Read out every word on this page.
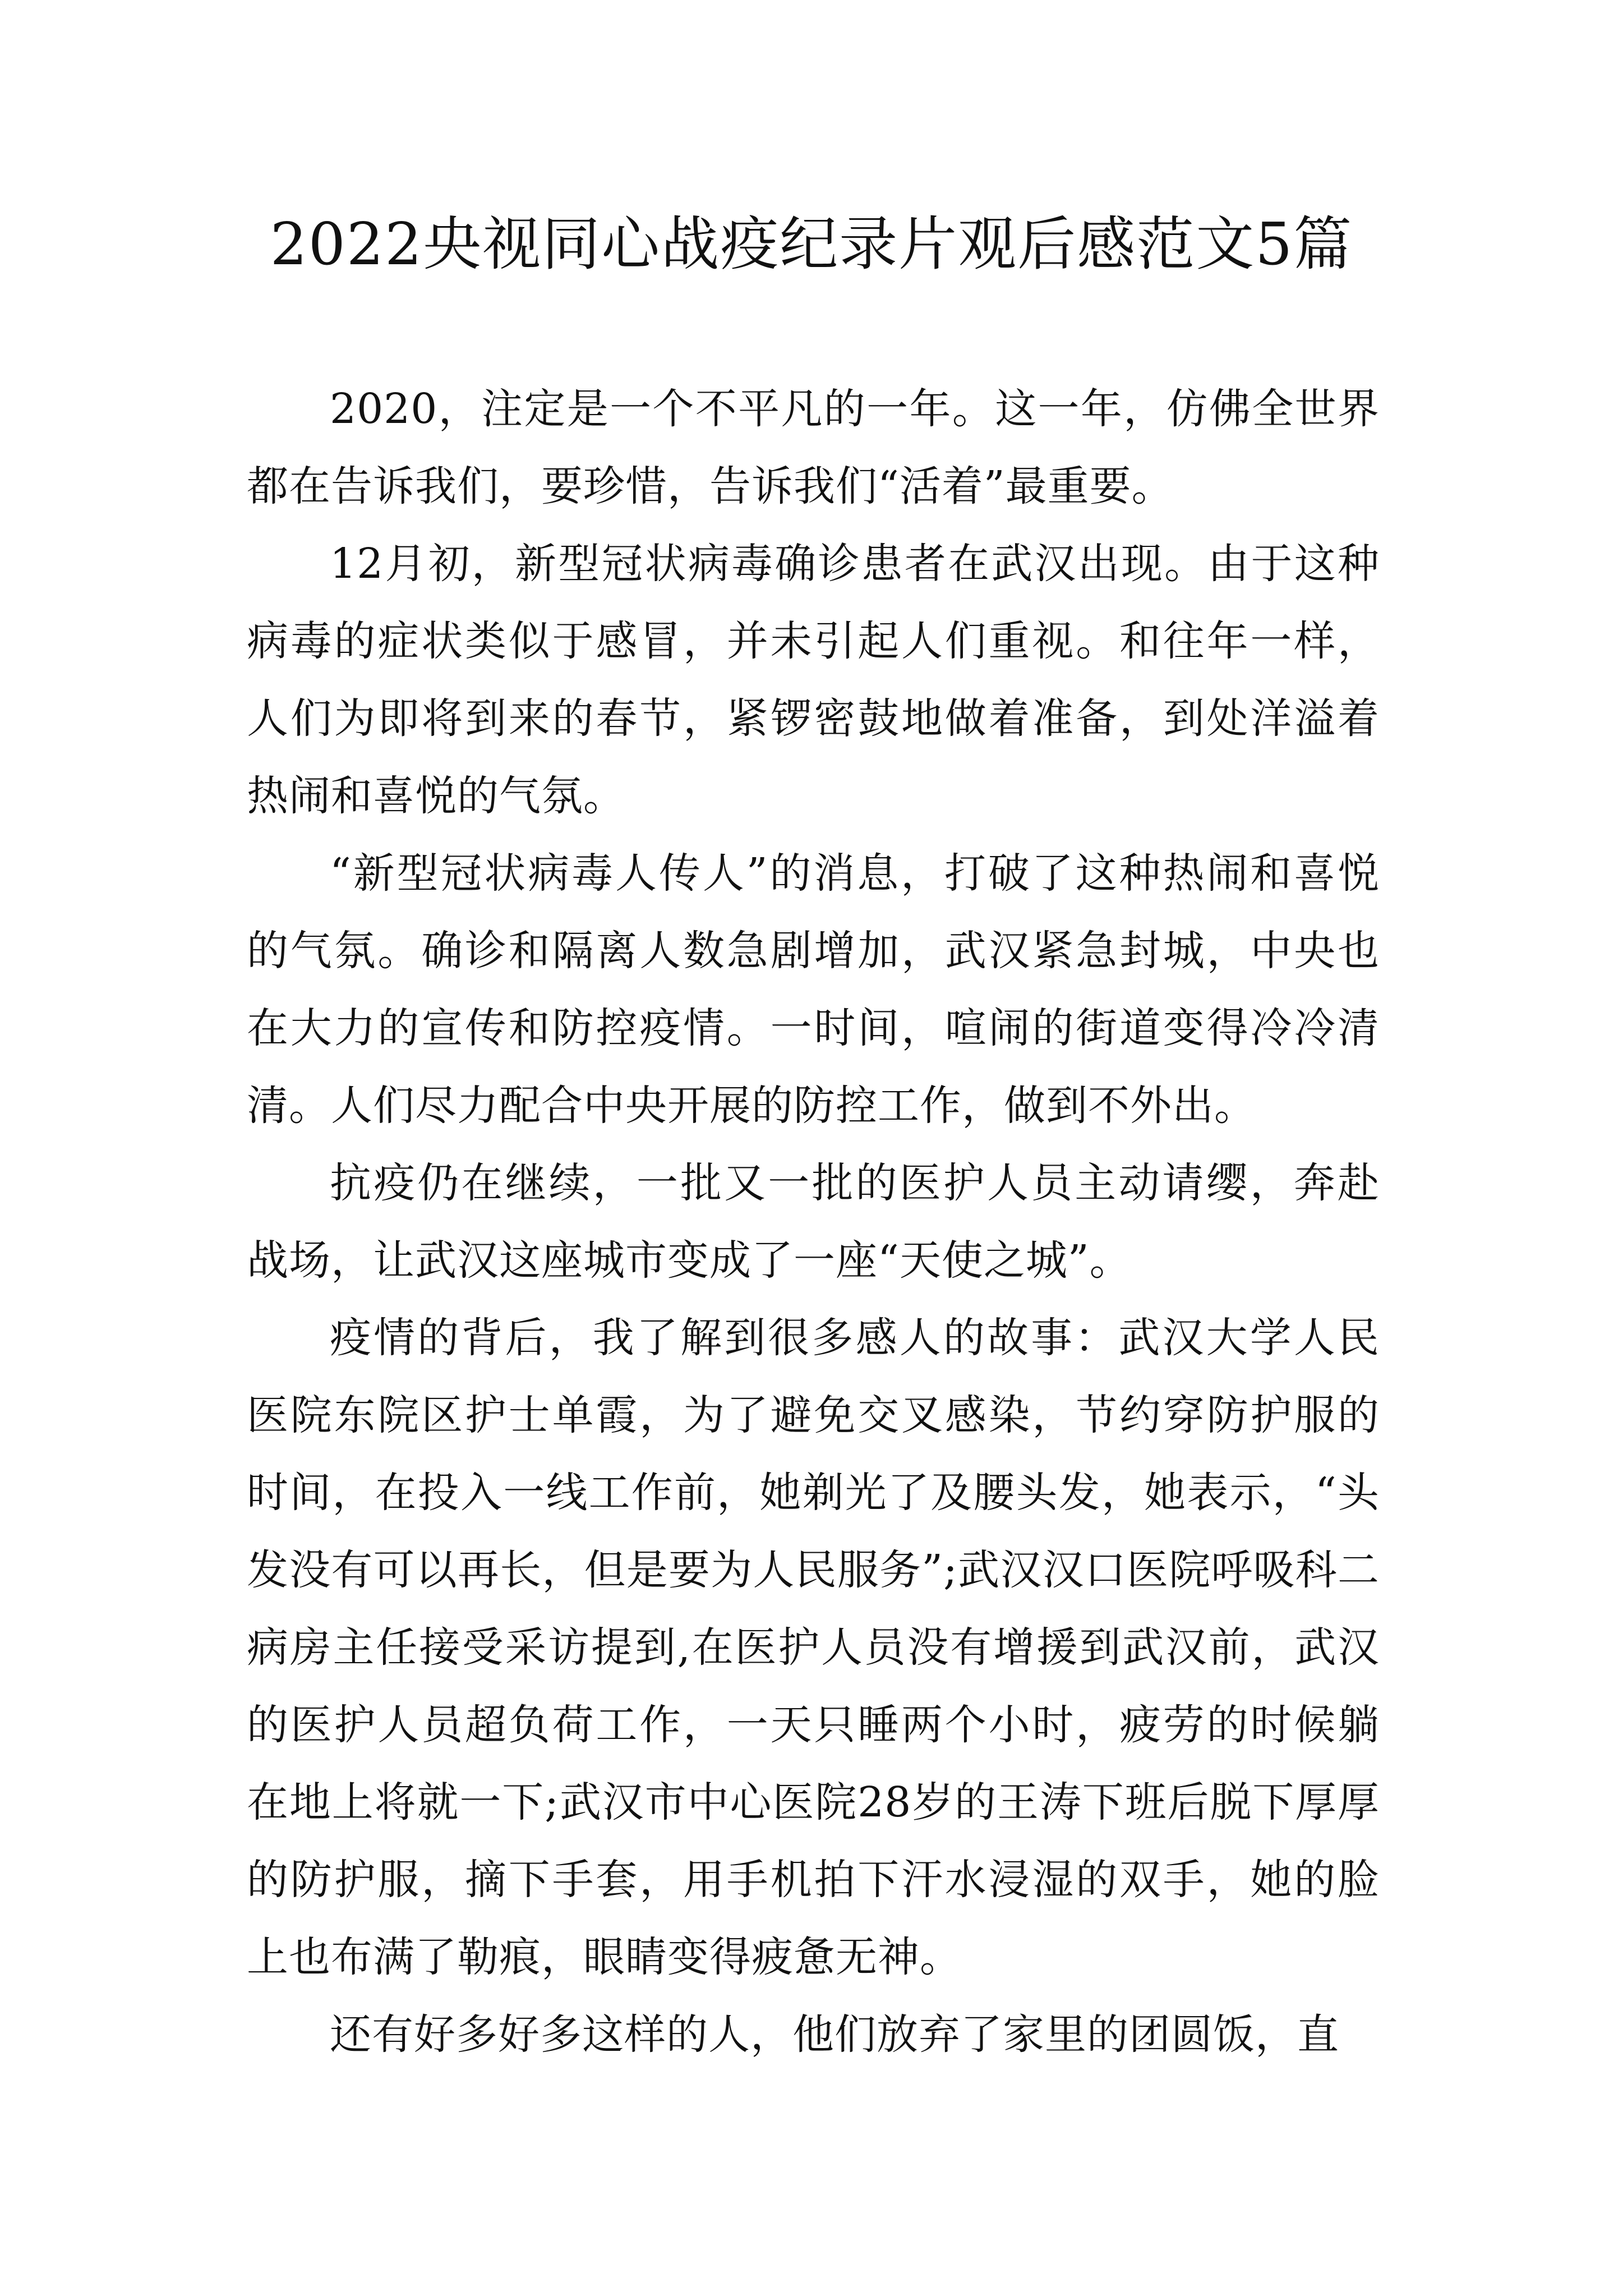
2022央视同心战疫纪录片观后感范文5篇

2020，注定是一个不平凡的一年。这一年，仿佛全世界都在告诉我们，要珍惜，告诉我们“活着”最重要。

12月初，新型冠状病毒确诊患者在武汉出现。由于这种病毒的症状类似于感冒，并未引起人们重视。和往年一样，人们为即将到来的春节，紧锣密鼓地做着准备，到处洋溢着热闹和喜悦的气氛。

“新型冠状病毒人传人”的消息，打破了这种热闹和喜悦的气氛。确诊和隔离人数急剧增加，武汉紧急封城，中央也在大力的宣传和防控疫情。一时间，喧闹的街道变得冷冷清清。人们尽力配合中央开展的防控工作，做到不外出。

抗疫仍在继续，一批又一批的医护人员主动请缨，奔赴战场，让武汉这座城市变成了一座“天使之城”。

疫情的背后，我了解到很多感人的故事：武汉大学人民医院东院区护士单霞，为了避免交叉感染，节约穿防护服的时间，在投入一线工作前，她剃光了及腰头发，她表示，“头发没有可以再长，但是要为人民服务”;武汉汉口医院呼吸科二病房主任接受采访提到,在医护人员没有增援到武汉前，武汉的医护人员超负荷工作，一天只睡两个小时，疲劳的时候躺在地上将就一下;武汉市中心医院28岁的王涛下班后脱下厚厚的防护服，摘下手套，用手机拍下汗水浸湿的双手，她的脸上也布满了勒痕，眼睛变得疲惫无神。

还有好多好多这样的人，他们放弃了家里的团圆饭，直
